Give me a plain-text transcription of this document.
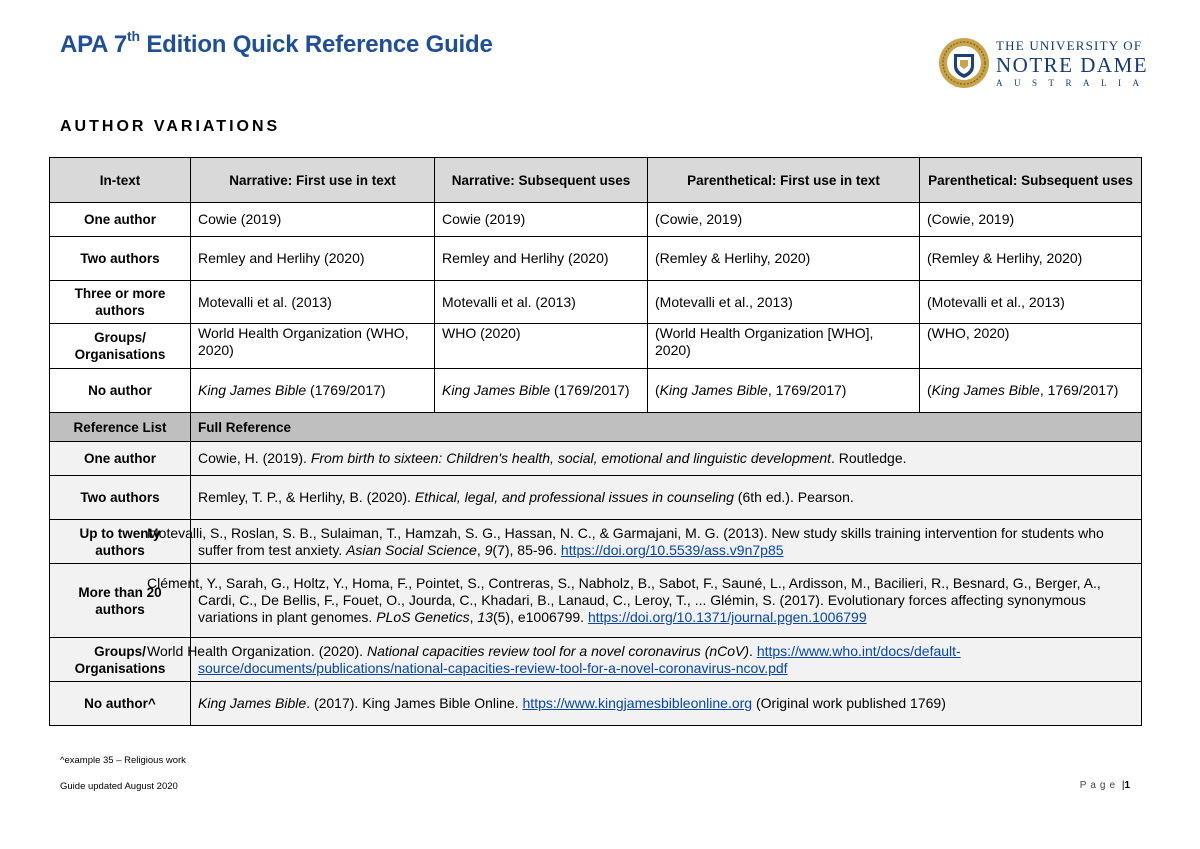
APA 7th Edition Quick Reference Guide	THE UNIVERSITY OF
NOTRE DAME
AUSTRALIA
AUTHOR VARIATIONS
In-text	Narrative: First use in text	Narrative: Subsequent uses	Parenthetical: First use in text	Parenthetical: Subsequent uses
One author	Cowie (2019)	Cowie (2019)	(Cowie, 2019)	(Cowie, 2019)
Two authors	Remley and Herlihy (2020)	Remley and Herlihy (2020)	(Remley & Herlihy, 2020)	(Remley & Herlihy, 2020)
Three or more authors	Motevalli et al. (2013)	Motevalli et al. (2013)	(Motevalli et al., 2013)	(Motevalli et al., 2013)
Groups/ Organisations	World Health Organization (WHO, 2020)	WHO (2020)	(World Health Organization [WHO], 2020)	(WHO, 2020)
No author	King James Bible (1769/2017)	King James Bible (1769/2017)	(King James Bible, 1769/2017)	(King James Bible, 1769/2017)
Reference List	Full Reference			
One author	Cowie, H. (2019). From birth to sixteen: Children's health, social, emotional and linguistic development. Routledge.			
Two authors	Remley, T. P., & Herlihy, B. (2020). Ethical, legal, and professional issues in counseling (6th ed.). Pearson.			
Up to twenty authors	Motevalli, S., Roslan, S. B., Sulaiman, T., Hamzah, S. G., Hassan, N. C., & Garmajani, M. G. (2013). New study skills training intervention for students who suffer from test anxiety. Asian Social Science, 9(7), 85-96. https://doi.org/10.5539/ass.v9n7p85			
More than 20 authors	Clément, Y., Sarah, G., Holtz, Y., Homa, F., Pointet, S., Contreras, S., Nabholz, B., Sabot, F., Sauné, L., Ardisson, M., Bacilieri, R., Besnard, G., Berger, A., Cardi, C., De Bellis, F., Fouet, O., Jourda, C., Khadari, B., Lanaud, C., Leroy, T., ... Glémin, S. (2017). Evolutionary forces affecting synonymous variations in plant genomes. PLoS Genetics, 13(5), e1006799. https://doi.org/10.1371/journal.pgen.1006799			
Groups/ Organisations	World Health Organization. (2020). National capacities review tool for a novel coronavirus (nCoV). https://www.who.int/docs/default-source/documents/publications/national-capacities-review-tool-for-a-novel-coronavirus-ncov.pdf			
No author^	King James Bible. (2017). King James Bible Online. https://www.kingjamesbibleonline.org (Original work published 1769)			

^example 35 – Religious work

Guide updated August 2020	Page |1
